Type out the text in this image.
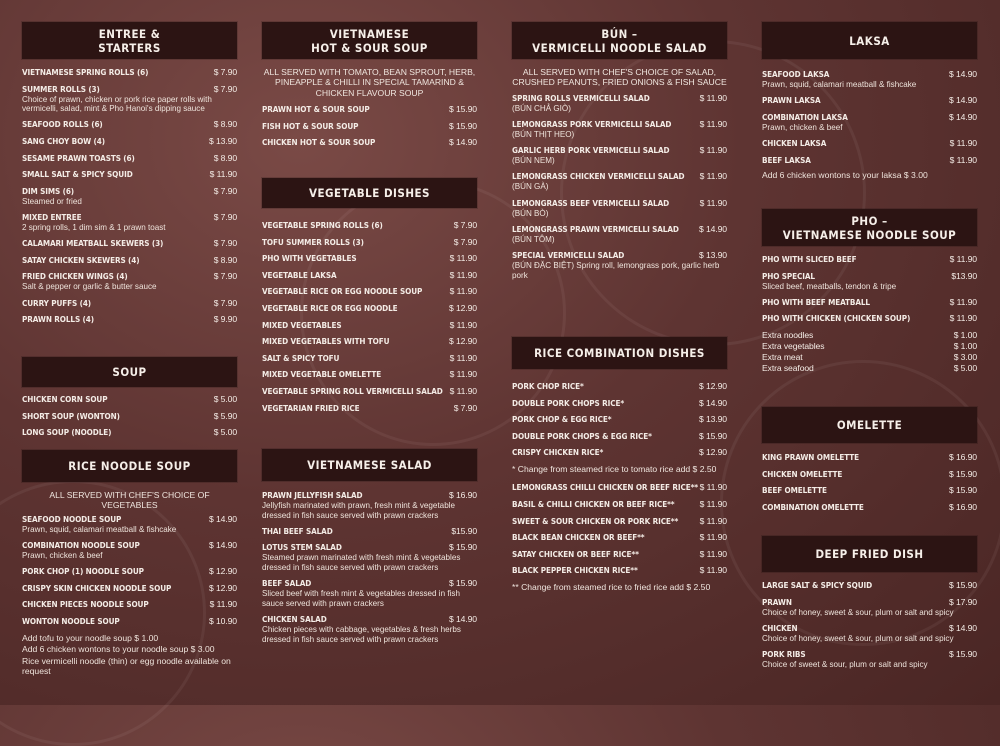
ENTREE &
STARTERS
VIETNAMESE SPRING ROLLS (6)	$ 7.90
SUMMER ROLLS (3)	$ 7.90
Choice of prawn, chicken or pork rice paper rolls with vermicelli, salad, mint & Pho Hanoi's dipping sauce
SEAFOOD ROLLS (6)	$ 8.90
SANG CHOY BOW (4)	$ 13.90
SESAME PRAWN TOASTS (6)	$ 8.90
SMALL SALT & SPICY SQUID	$ 11.90
DIM SIMS (6)	$ 7.90
Steamed or fried
MIXED ENTREE	$ 7.90
2 spring rolls, 1 dim sim & 1 prawn toast
CALAMARI MEATBALL SKEWERS (3)	$ 7.90
SATAY CHICKEN SKEWERS (4)	$ 8.90
FRIED CHICKEN WINGS (4)	$ 7.90
Salt & pepper or garlic & butter sauce
CURRY PUFFS (4)	$ 7.90
PRAWN ROLLS (4)	$ 9.90
SOUP
CHICKEN CORN SOUP	$ 5.00
SHORT SOUP (WONTON)	$ 5.90
LONG SOUP (NOODLE)	$ 5.00
RICE NOODLE SOUP
ALL SERVED WITH CHEF'S CHOICE OF VEGETABLES
SEAFOOD NOODLE SOUP	$ 14.90
Prawn, squid, calamari meatball & fishcake
COMBINATION NOODLE SOUP	$ 14.90
Prawn, chicken & beef
PORK CHOP (1) NOODLE SOUP	$ 12.90
CRISPY SKIN CHICKEN NOODLE SOUP	$ 12.90
CHICKEN PIECES NOODLE SOUP	$ 11.90
WONTON NOODLE SOUP	$ 10.90
Add tofu to your noodle soup $ 1.00
Add 6 chicken wontons to your noodle soup $ 3.00
Rice vermicelli noodle (thin) or egg noodle available on request
VIETNAMESE
HOT & SOUR SOUP
ALL SERVED WITH TOMATO, BEAN SPROUT, HERB, PINEAPPLE & CHILLI IN SPECIAL TAMARIND & CHICKEN FLAVOUR SOUP
PRAWN HOT & SOUR SOUP	$ 15.90
FISH HOT & SOUR SOUP	$ 15.90
CHICKEN HOT & SOUR SOUP	$ 14.90
VEGETABLE DISHES
VEGETABLE SPRING ROLLS (6)	$ 7.90
TOFU SUMMER ROLLS (3)	$ 7.90
PHO WITH VEGETABLES	$ 11.90
VEGETABLE LAKSA	$ 11.90
VEGETABLE RICE OR EGG NOODLE SOUP	$ 11.90
VEGETABLE RICE OR EGG NOODLE	$ 12.90
MIXED VEGETABLES	$ 11.90
MIXED VEGETABLES WITH TOFU	$ 12.90
SALT & SPICY TOFU	$ 11.90
MIXED VEGETABLE OMELETTE	$ 11.90
VEGETABLE SPRING ROLL VERMICELLI SALAD $ 11.90
VEGETARIAN FRIED RICE	$ 7.90
VIETNAMESE SALAD
PRAWN JELLYFISH SALAD	$ 16.90
Jellyfish marinated with prawn, fresh mint & vegetable dressed in fish sauce served with prawn crackers
THAI BEEF SALAD	$15.90
LOTUS STEM SALAD	$ 15.90
Steamed prawn marinated with fresh mint & vegetables dressed in fish sauce served with prawn crackers
BEEF SALAD	$ 15.90
Sliced beef with fresh mint & vegetables dressed in fish sauce served with prawn crackers
CHICKEN SALAD	$ 14.90
Chicken pieces with cabbage, vegetables & fresh herbs dressed in fish sauce served with prawn crackers
BÚN –
VERMICELLI NOODLE SALAD
ALL SERVED WITH CHEF'S CHOICE OF SALAD, CRUSHED PEANUTS, FRIED ONIONS & FISH SAUCE
SPRING ROLLS VERMICELLI SALAD	$ 11.90
(BÚN CHẢ GIÒ)
LEMONGRASS PORK VERMICELLI SALAD	$ 11.90
(BÚN THỊT HEO)
GARLIC HERB PORK VERMICELLI SALAD	$ 11.90
(BÚN NEM)
LEMONGRASS CHICKEN VERMICELLI SALAD $ 11.90
(BÚN GÀ)
LEMONGRASS BEEF VERMICELLI SALAD	$ 11.90
(BÚN BÒ)
LEMONGRASS PRAWN VERMICELLI SALAD $ 14.90
(BÚN TÔM)
SPECIAL VERMICELLI SALAD	$ 13.90
(BÚN ĐẶC BIỆT) Spring roll, lemongrass pork, garlic herb pork
RICE COMBINATION DISHES
PORK CHOP RICE*	$ 12.90
DOUBLE PORK CHOPS RICE*	$ 14.90
PORK CHOP & EGG RICE*	$ 13.90
DOUBLE PORK CHOPS & EGG RICE*	$ 15.90
CRISPY CHICKEN RICE*	$ 12.90
* Change from steamed rice to tomato rice add $ 2.50
LEMONGRASS CHILLI CHICKEN OR BEEF RICE** $ 11.90
BASIL & CHILLI CHICKEN OR BEEF RICE**	$ 11.90
SWEET & SOUR CHICKEN OR PORK RICE** $ 11.90
BLACK BEAN CHICKEN OR BEEF**	$ 11.90
SATAY CHICKEN OR BEEF RICE**	$ 11.90
BLACK PEPPER CHICKEN RICE**	$ 11.90
** Change from steamed rice to fried rice add $ 2.50
LAKSA
SEAFOOD LAKSA	$ 14.90
Prawn, squid, calamari meatball & fishcake
PRAWN LAKSA	$ 14.90
COMBINATION LAKSA	$ 14.90
Prawn, chicken & beef
CHICKEN LAKSA	$ 11.90
BEEF LAKSA	$ 11.90
Add 6 chicken wontons to your laksa $ 3.00
PHO –
VIETNAMESE NOODLE SOUP
PHO WITH SLICED BEEF	$ 11.90
PHO SPECIAL	$13.90
Sliced beef, meatballs, tendon & tripe
PHO WITH BEEF MEATBALL	$ 11.90
PHO WITH CHICKEN (CHICKEN SOUP)	$ 11.90
Extra noodles	$ 1.00
Extra vegetables	$ 1.00
Extra meat	$ 3.00
Extra seafood	$ 5.00
OMELETTE
KING PRAWN OMELETTE	$ 16.90
CHICKEN OMELETTE	$ 15.90
BEEF OMELETTE	$ 15.90
COMBINATION OMELETTE	$ 16.90
DEEP FRIED DISH
LARGE SALT & SPICY SQUID	$ 15.90
PRAWN	$ 17.90
Choice of honey, sweet & sour, plum or salt and spicy
CHICKEN	$ 14.90
Choice of honey, sweet & sour, plum or salt and spicy
PORK RIBS	$ 15.90
Choice of sweet & sour, plum or salt and spicy
